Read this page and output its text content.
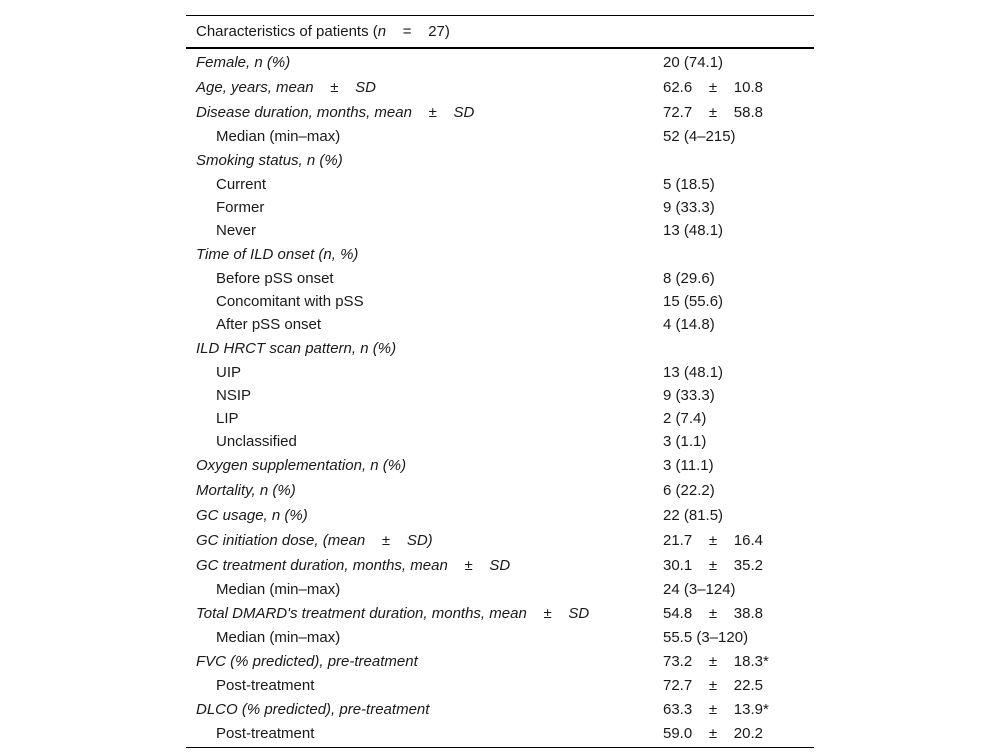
Characteristics of patients (n    =    27)
Female, n (%)	20 (74.1)
Age, years, mean    ±    SD	62.6    ±    10.8
Disease duration, months, mean    ±    SD	72.7    ±    58.8
Median (min–max)	52 (4–215)
Smoking status, n (%)
Current	5 (18.5)
Former	9 (33.3)
Never	13 (48.1)
Time of ILD onset (n, %)
Before pSS onset	8 (29.6)
Concomitant with pSS	15 (55.6)
After pSS onset	4 (14.8)
ILD HRCT scan pattern, n (%)
UIP	13 (48.1)
NSIP	9 (33.3)
LIP	2 (7.4)
Unclassified	3 (1.1)
Oxygen supplementation, n (%)	3 (11.1)
Mortality, n (%)	6 (22.2)
GC usage, n (%)	22 (81.5)
GC initiation dose, (mean    ±    SD)	21.7    ±    16.4
GC treatment duration, months, mean    ±    SD	30.1    ±    35.2
Median (min–max)	24 (3–124)
Total DMARD's treatment duration, months, mean    ±    SD	54.8    ±    38.8
Median (min–max)	55.5 (3–120)
FVC (% predicted), pre-treatment	73.2    ±    18.3*
Post-treatment	72.7    ±    22.5
DLCO (% predicted), pre-treatment	63.3    ±    13.9*
Post-treatment	59.0    ±    20.2
